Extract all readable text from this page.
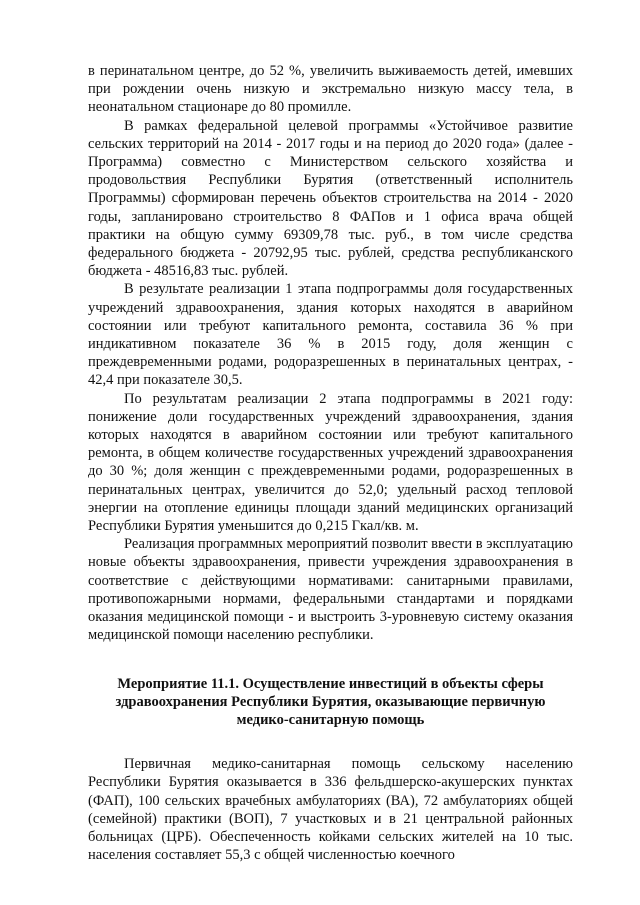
в перинатальном центре, до 52 %, увеличить выживаемость детей, имевших при рождении очень низкую и экстремально низкую массу тела, в неонатальном стационаре до 80 промилле.

В рамках федеральной целевой программы «Устойчивое развитие сельских территорий на 2014 - 2017 годы и на период до 2020 года» (далее - Программа) совместно с Министерством сельского хозяйства и продовольствия Республики Бурятия (ответственный исполнитель Программы) сформирован перечень объектов строительства на 2014 - 2020 годы, запланировано строительство 8 ФАПов и 1 офиса врача общей практики на общую сумму 69309,78 тыс. руб., в том числе средства федерального бюджета - 20792,95 тыс. рублей, средства республиканского бюджета - 48516,83 тыс. рублей.

В результате реализации 1 этапа подпрограммы доля государственных учреждений здравоохранения, здания которых находятся в аварийном состоянии или требуют капитального ремонта, составила 36 % при индикативном показателе 36 % в 2015 году, доля женщин с преждевременными родами, родоразрешенных в перинатальных центрах, - 42,4 при показателе 30,5.

По результатам реализации 2 этапа подпрограммы в 2021 году: понижение доли государственных учреждений здравоохранения, здания которых находятся в аварийном состоянии или требуют капитального ремонта, в общем количестве государственных учреждений здравоохранения до 30 %; доля женщин с преждевременными родами, родоразрешенных в перинатальных центрах, увеличится до 52,0; удельный расход тепловой энергии на отопление единицы площади зданий медицинских организаций Республики Бурятия уменьшится до 0,215 Гкал/кв. м.

Реализация программных мероприятий позволит ввести в эксплуатацию новые объекты здравоохранения, привести учреждения здравоохранения в соответствие с действующими нормативами: санитарными правилами, противопожарными нормами, федеральными стандартами и порядками оказания медицинской помощи - и выстроить 3-уровневую систему оказания медицинской помощи населению республики.

Мероприятие 11.1. Осуществление инвестиций в объекты сферы
здравоохранения Республики Бурятия, оказывающие первичную
медико-санитарную помощь

Первичная медико-санитарная помощь сельскому населению Республики Бурятия оказывается в 336 фельдшерско-акушерских пунктах (ФАП), 100 сельских врачебных амбулаториях (ВА), 72 амбулаториях общей (семейной) практики (ВОП), 7 участковых и в 21 центральной районных больницах (ЦРБ). Обеспеченность койками сельских жителей на 10 тыс. населения составляет 55,3 с общей численностью коечного
